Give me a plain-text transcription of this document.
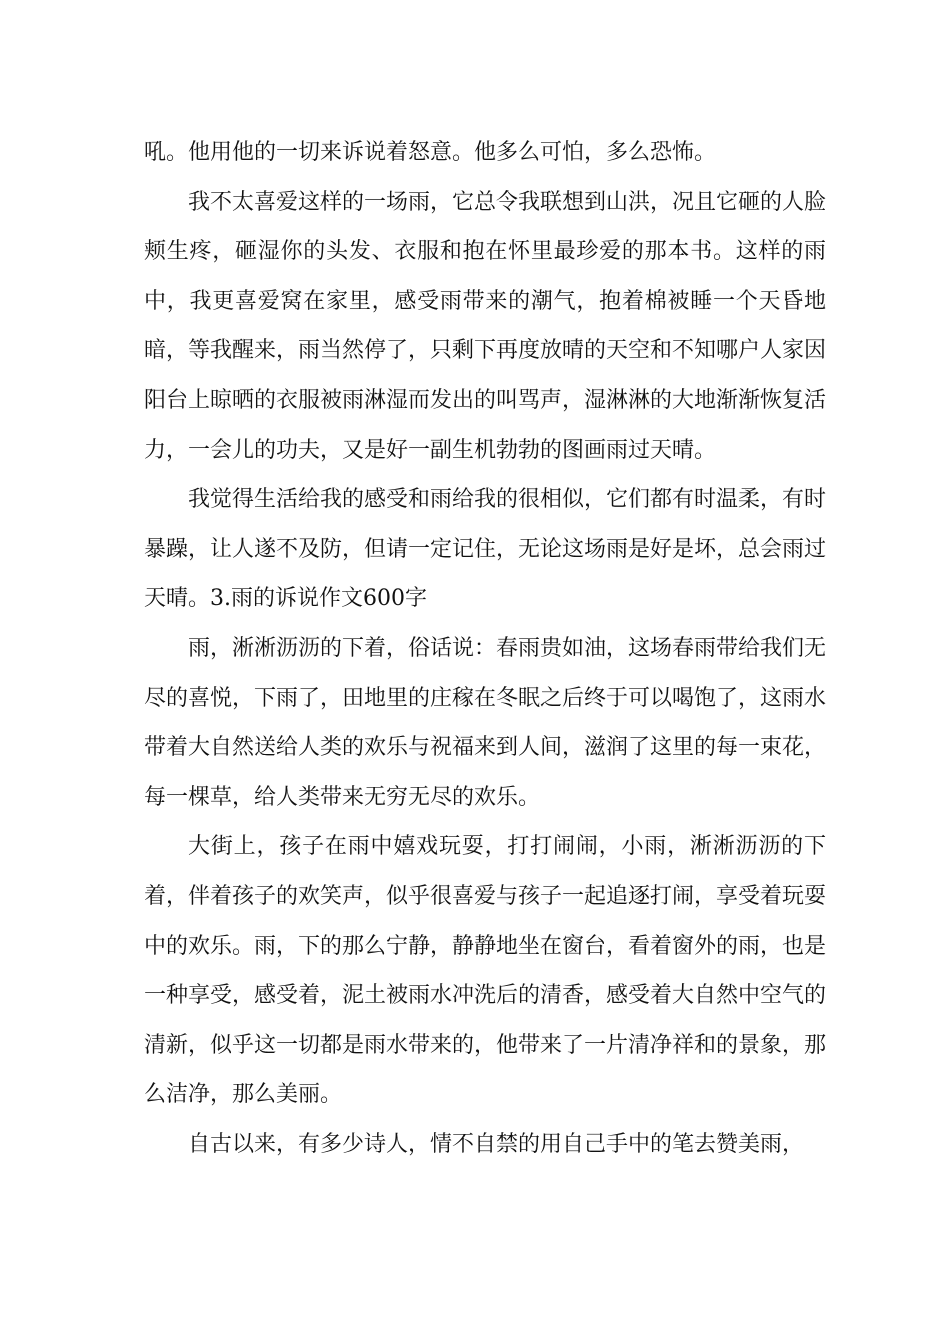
吼。他用他的一切来诉说着怒意。他多么可怕，多么恐怖。

我不太喜爱这样的一场雨，它总令我联想到山洪，况且它砸的人脸颊生疼，砸湿你的头发、衣服和抱在怀里最珍爱的那本书。这样的雨中，我更喜爱窝在家里，感受雨带来的潮气，抱着棉被睡一个天昏地暗，等我醒来，雨当然停了，只剩下再度放晴的天空和不知哪户人家因阳台上晾晒的衣服被雨淋湿而发出的叫骂声，湿淋淋的大地渐渐恢复活力，一会儿的功夫，又是好一副生机勃勃的图画雨过天晴。

我觉得生活给我的感受和雨给我的很相似，它们都有时温柔，有时暴躁，让人遂不及防，但请一定记住，无论这场雨是好是坏，总会雨过天晴。3.雨的诉说作文600字

雨，淅淅沥沥的下着，俗话说：春雨贵如油，这场春雨带给我们无尽的喜悦，下雨了，田地里的庄稼在冬眠之后终于可以喝饱了，这雨水带着大自然送给人类的欢乐与祝福来到人间，滋润了这里的每一束花，每一棵草，给人类带来无穷无尽的欢乐。

大街上，孩子在雨中嬉戏玩耍，打打闹闹，小雨，淅淅沥沥的下着，伴着孩子的欢笑声，似乎很喜爱与孩子一起追逐打闹，享受着玩耍中的欢乐。雨，下的那么宁静，静静地坐在窗台，看着窗外的雨，也是一种享受，感受着，泥土被雨水冲洗后的清香，感受着大自然中空气的清新，似乎这一切都是雨水带来的，他带来了一片清净祥和的景象，那么洁净，那么美丽。

自古以来，有多少诗人，情不自禁的用自己手中的笔去赞美雨，
